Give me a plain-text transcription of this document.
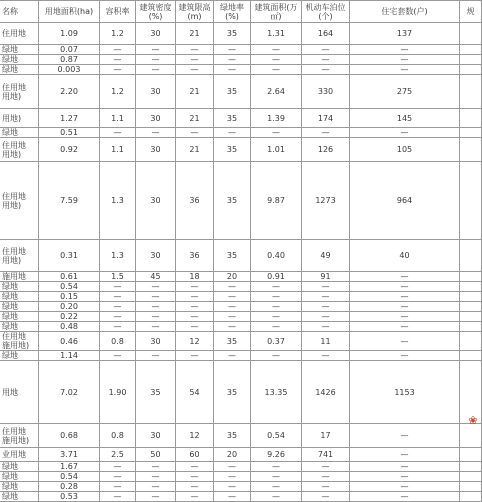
名称	用地面积(ha)	容积率	建筑密度(%)	建筑限高(m)	绿地率(%)	建筑面积(万㎡)	机动车泊位(个)	住宅套数(户)	规
住用地	1.09	1.2	30	21	35	1.31	164	137	
绿地	0.07	—	—	—	—	—	—	—	
绿地	0.87	—	—	—	—	—	—	—	
绿地	0.003	—	—	—	—	—	—	—	
住用地
用地)	2.20	1.2	30	21	35	2.64	330	275	
用地)	1.27	1.1	30	21	35	1.39	174	145	
绿地	0.51	—	—	—	—	—	—	—	
住用地
用地)	0.92	1.1	30	21	35	1.01	126	105	
住用地
用地)	7.59	1.3	30	36	35	9.87	1273	964	
住用地
用地)	0.31	1.3	30	36	35	0.40	49	40	
施用地	0.61	1.5	45	18	20	0.91	91	—	
绿地	0.54	—	—	—	—	—	—	—	
绿地	0.15	—	—	—	—	—	—	—	
绿地	0.20	—	—	—	—	—	—	—	
绿地	0.22	—	—	—	—	—	—	—	
绿地	0.48	—	—	—	—	—	—	—	
住用地
施用地)	0.46	0.8	30	12	35	0.37	11	—	
绿地	1.14	—	—	—	—	—	—	—	
用地	7.02	1.90	35	54	35	13.35	1426	1153	
住用地
施用地)	0.68	0.8	30	12	35	0.54	17	—	
业用地	3.71	2.5	50	60	20	9.26	741	—	
绿地	1.67	—	—	—	—	—	—	—	
绿地	0.54	—	—	—	—	—	—	—	
绿地	0.28	—	—	—	—	—	—	—	
绿地	0.53	—	—	—	—	—	—	—	
❀
